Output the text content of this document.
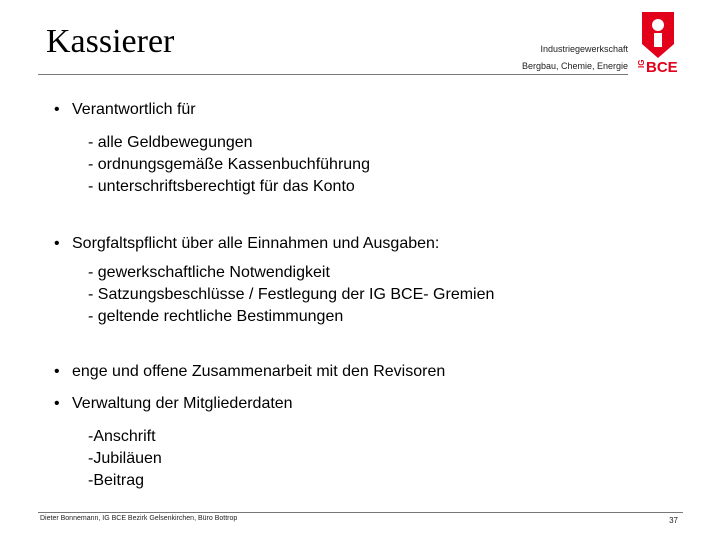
Kassierer	Industriegewerkschaft
Bergbau, Chemie, Energie IG BCE
• Verantwortlich für
- alle Geldbewegungen
- ordnungsgemäße Kassenbuchführung
- unterschriftsberechtigt für das Konto
• Sorgfaltspflicht über alle Einnahmen und Ausgaben:
- gewerkschaftliche Notwendigkeit
- Satzungsbeschlüsse / Festlegung der IG BCE- Gremien
- geltende rechtliche Bestimmungen
• enge und offene Zusammenarbeit mit den Revisoren
• Verwaltung der Mitgliederdaten
-Anschrift
-Jubiläuen
-Beitrag
Dieter Bonnemann, IG BCE Bezirk Gelsenkirchen, Büro Bottrop	37
